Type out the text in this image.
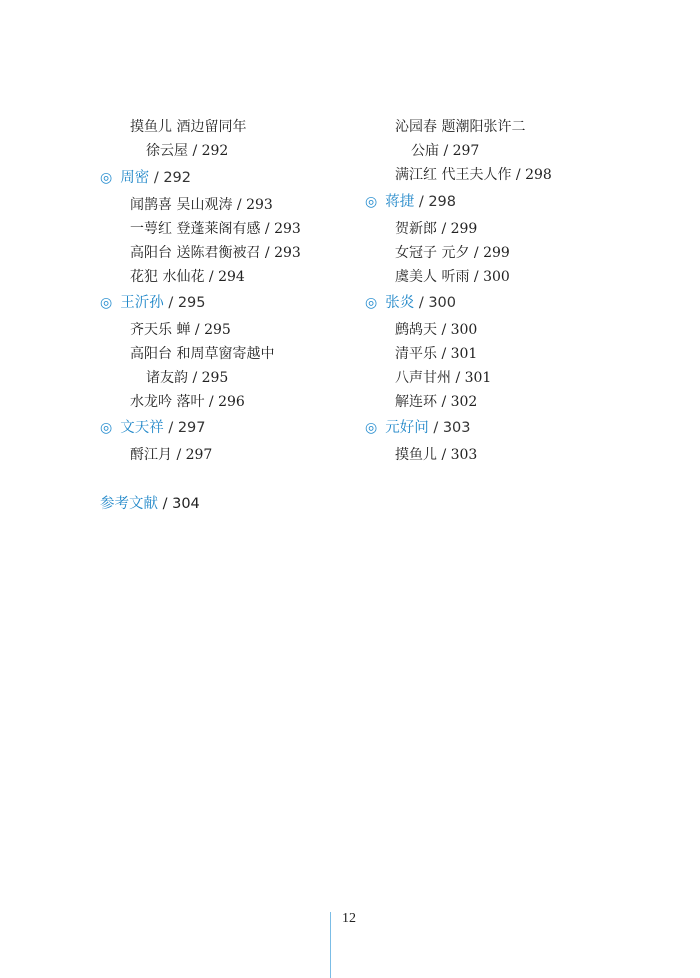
摸鱼儿 酒边留同年
徐云屋 / 292
◎ 周密 / 292
闻鹊喜 吴山观涛 / 293
一萼红 登蓬莱阁有感 / 293
高阳台 送陈君衡被召 / 293
花犯 水仙花 / 294
◎ 王沂孙 / 295
齐天乐 蝉 / 295
高阳台 和周草窗寄越中
诸友韵 / 295
水龙吟 落叶 / 296
◎ 文天祥 / 297
酹江月 / 297
沁园春 题潮阳张许二
公庙 / 297
满江红 代王夫人作 / 298
◎ 蒋捷 / 298
贺新郎 / 299
女冠子 元夕 / 299
虞美人 听雨 / 300
◎ 张炎 / 300
鹧鸪天 / 300
清平乐 / 301
八声甘州 / 301
解连环 / 302
◎ 元好问 / 303
摸鱼儿 / 303
参考文献 / 304
12
